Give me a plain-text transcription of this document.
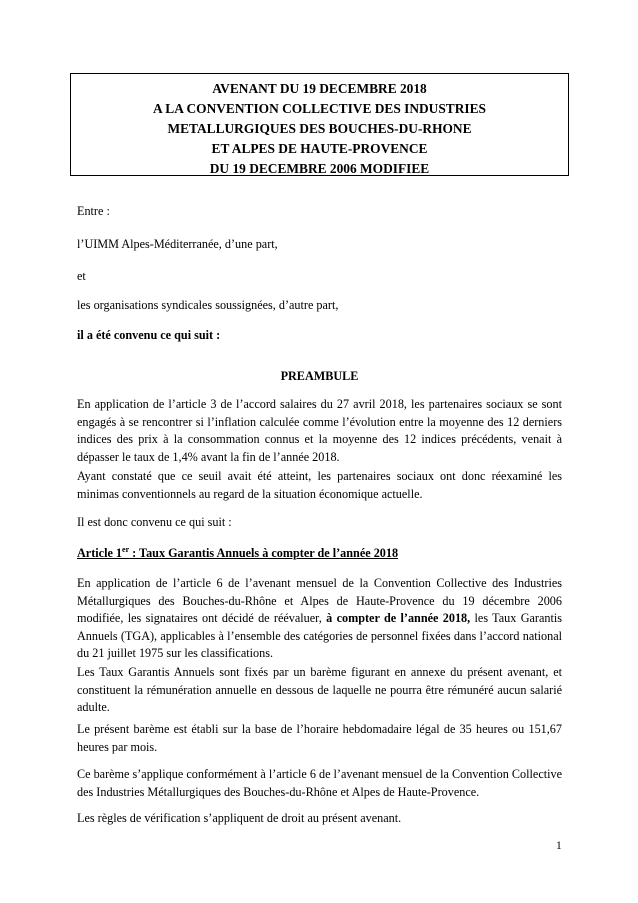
AVENANT DU 19 DECEMBRE 2018
A LA CONVENTION COLLECTIVE DES INDUSTRIES
METALLURGIQUES DES BOUCHES-DU-RHONE
ET ALPES DE HAUTE-PROVENCE
DU 19 DECEMBRE 2006 MODIFIEE
Entre :
l’UIMM Alpes-Méditerranée, d’une part,
et
les organisations syndicales soussignées, d’autre part,
il a été convenu ce qui suit :
PREAMBULE
En application de l’article 3 de l’accord salaires du 27 avril 2018, les partenaires sociaux se sont engagés à se rencontrer si l’inflation calculée comme l’évolution entre la moyenne des 12 derniers indices des prix à la consommation connus et la moyenne des 12 indices précédents, venait à dépasser le taux de 1,4% avant la fin de l’année 2018.
Ayant constaté que ce seuil avait été atteint, les partenaires sociaux ont donc réexaminé les minimas conventionnels au regard de la situation économique actuelle.
Il est donc convenu ce qui suit :
Article 1er : Taux Garantis Annuels à compter de l’année 2018
En application de l’article 6 de l’avenant mensuel de la Convention Collective des Industries Métallurgiques des Bouches-du-Rhône et Alpes de Haute-Provence du 19 décembre 2006 modifiée, les signataires ont décidé de réévaluer, à compter de l’année 2018, les Taux Garantis Annuels (TGA), applicables à l’ensemble des catégories de personnel fixées dans l’accord national du 21 juillet 1975 sur les classifications.
Les Taux Garantis Annuels sont fixés par un barème figurant en annexe du présent avenant, et constituent la rémunération annuelle en dessous de laquelle ne pourra être rémunéré aucun salarié adulte.
Le présent barème est établi sur la base de l’horaire hebdomadaire légal de 35 heures ou 151,67 heures par mois.
Ce barème s’applique conformément à l’article 6 de l’avenant mensuel de la Convention Collective des Industries Métallurgiques des Bouches-du-Rhône et Alpes de Haute-Provence.
Les règles de vérification s’appliquent de droit au présent avenant.
1
